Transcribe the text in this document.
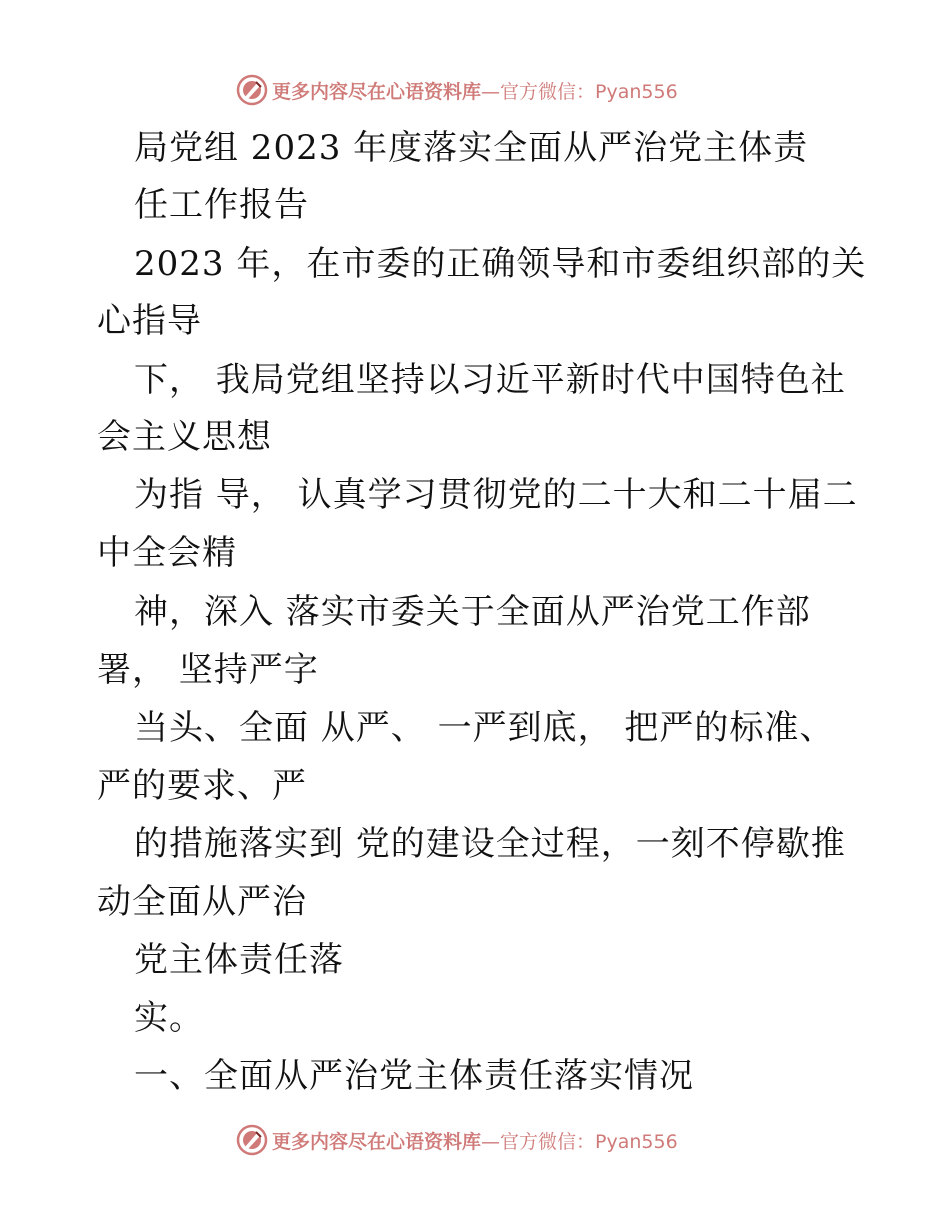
更多内容尽在心语资料库 —官方微信：Pyan556
局党组 2023 年度落实全面从严治党主体责
任工作报告
2023 年，在市委的正确领导和市委组织部的关
心指导
下， 我局党组坚持以习近平新时代中国特色社
会主义思想
为指 导， 认真学习贯彻党的二十大和二十届二
中全会精
神，深入 落实市委关于全面从严治党工作部
署， 坚持严字
当头、全面 从严、 一严到底， 把严的标准、
严的要求、严
的措施落实到 党的建设全过程，一刻不停歇推
动全面从严治
党主体责任落
实。
一、全面从严治党主体责任落实情况
更多内容尽在心语资料库 —官方微信：Pyan556
